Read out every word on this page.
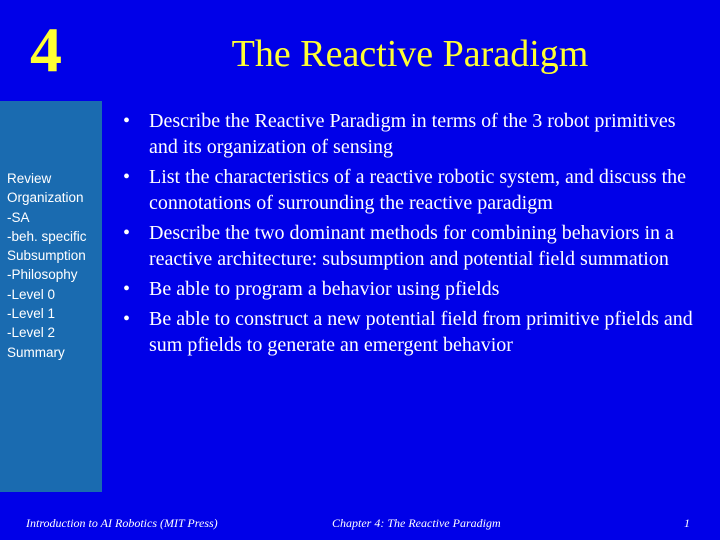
4	The Reactive Paradigm
Review
Organization
-SA
-beh. specific
Subsumption
-Philosophy
-Level 0
-Level 1
-Level 2
Summary
• Describe the Reactive Paradigm in terms of the 3 robot primitives and its organization of sensing
• List the characteristics of a reactive robotic system, and discuss the connotations of surrounding the reactive paradigm
• Describe the two dominant methods for combining behaviors in a reactive architecture: subsumption and potential field summation
• Be able to program a behavior using pfields
• Be able to construct a new potential field from primitive pfields and sum pfields to generate an emergent behavior
Introduction to AI Robotics (MIT Press)	Chapter 4: The Reactive Paradigm	1
